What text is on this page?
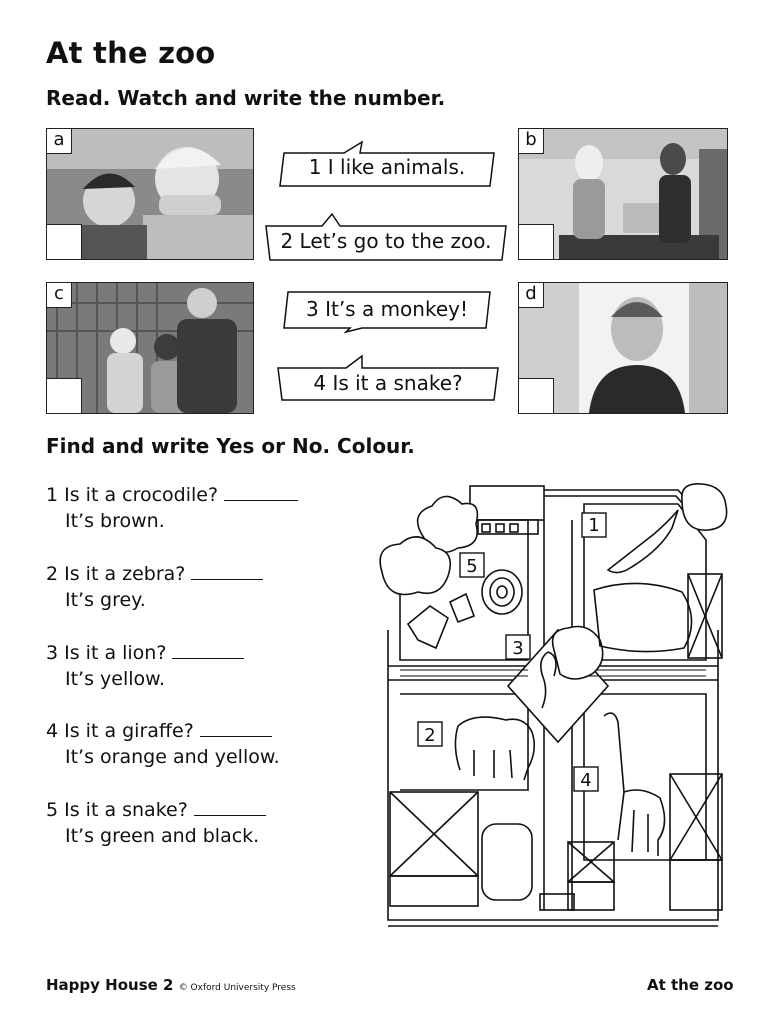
At the zoo
Read. Watch and write the number.
a	b
c	d
1 I like animals.
2 Let’s go to the zoo.
3 It’s a monkey!
4 Is it a snake?
Find and write Yes or No. Colour.
1 Is it a crocodile?
It’s brown.
2 Is it a zebra?
It’s grey.
3 Is it a lion?
It’s yellow.
4 Is it a giraffe?
It’s orange and yellow.
5 Is it a snake?
It’s green and black.
1
2
3
4
5
Happy House 2 © Oxford University Press	At the zoo
